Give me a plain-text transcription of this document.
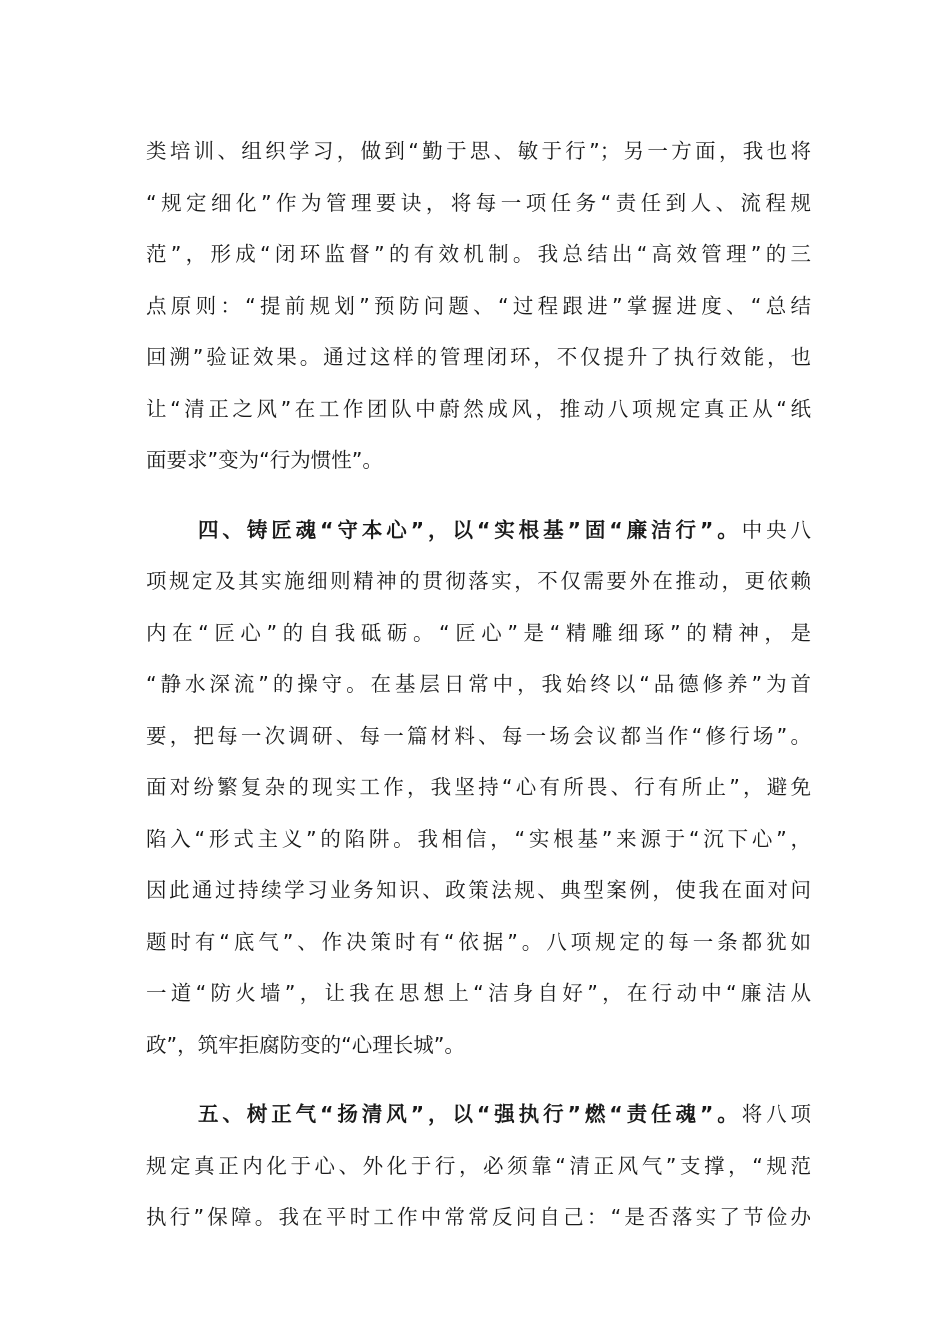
类培训、组织学习，做到“勤于思、敏于行”；另一方面，我也将
“规定细化”作为管理要诀，将每一项任务“责任到人、流程规
范”，形成“闭环监督”的有效机制。我总结出“高效管理”的三
点原则：“提前规划”预防问题、“过程跟进”掌握进度、“总结
回溯”验证效果。通过这样的管理闭环，不仅提升了执行效能，也
让“清正之风”在工作团队中蔚然成风，推动八项规定真正从“纸
面要求”变为“行为惯性”。
四、铸匠魂“守本心”，以“实根基”固“廉洁行”。中央八
项规定及其实施细则精神的贯彻落实，不仅需要外在推动，更依赖
内在“匠心”的自我砥砺。“匠心”是“精雕细琢”的精神，是
“静水深流”的操守。在基层日常中，我始终以“品德修养”为首
要，把每一次调研、每一篇材料、每一场会议都当作“修行场”。
面对纷繁复杂的现实工作，我坚持“心有所畏、行有所止”，避免
陷入“形式主义”的陷阱。我相信，“实根基”来源于“沉下心”，
因此通过持续学习业务知识、政策法规、典型案例，使我在面对问
题时有“底气”、作决策时有“依据”。八项规定的每一条都犹如
一道“防火墙”，让我在思想上“洁身自好”，在行动中“廉洁从
政”，筑牢拒腐防变的“心理长城”。
五、树正气“扬清风”，以“强执行”燃“责任魂”。将八项
规定真正内化于心、外化于行，必须靠“清正风气”支撑，“规范
执行”保障。我在平时工作中常常反问自己：“是否落实了节俭办
